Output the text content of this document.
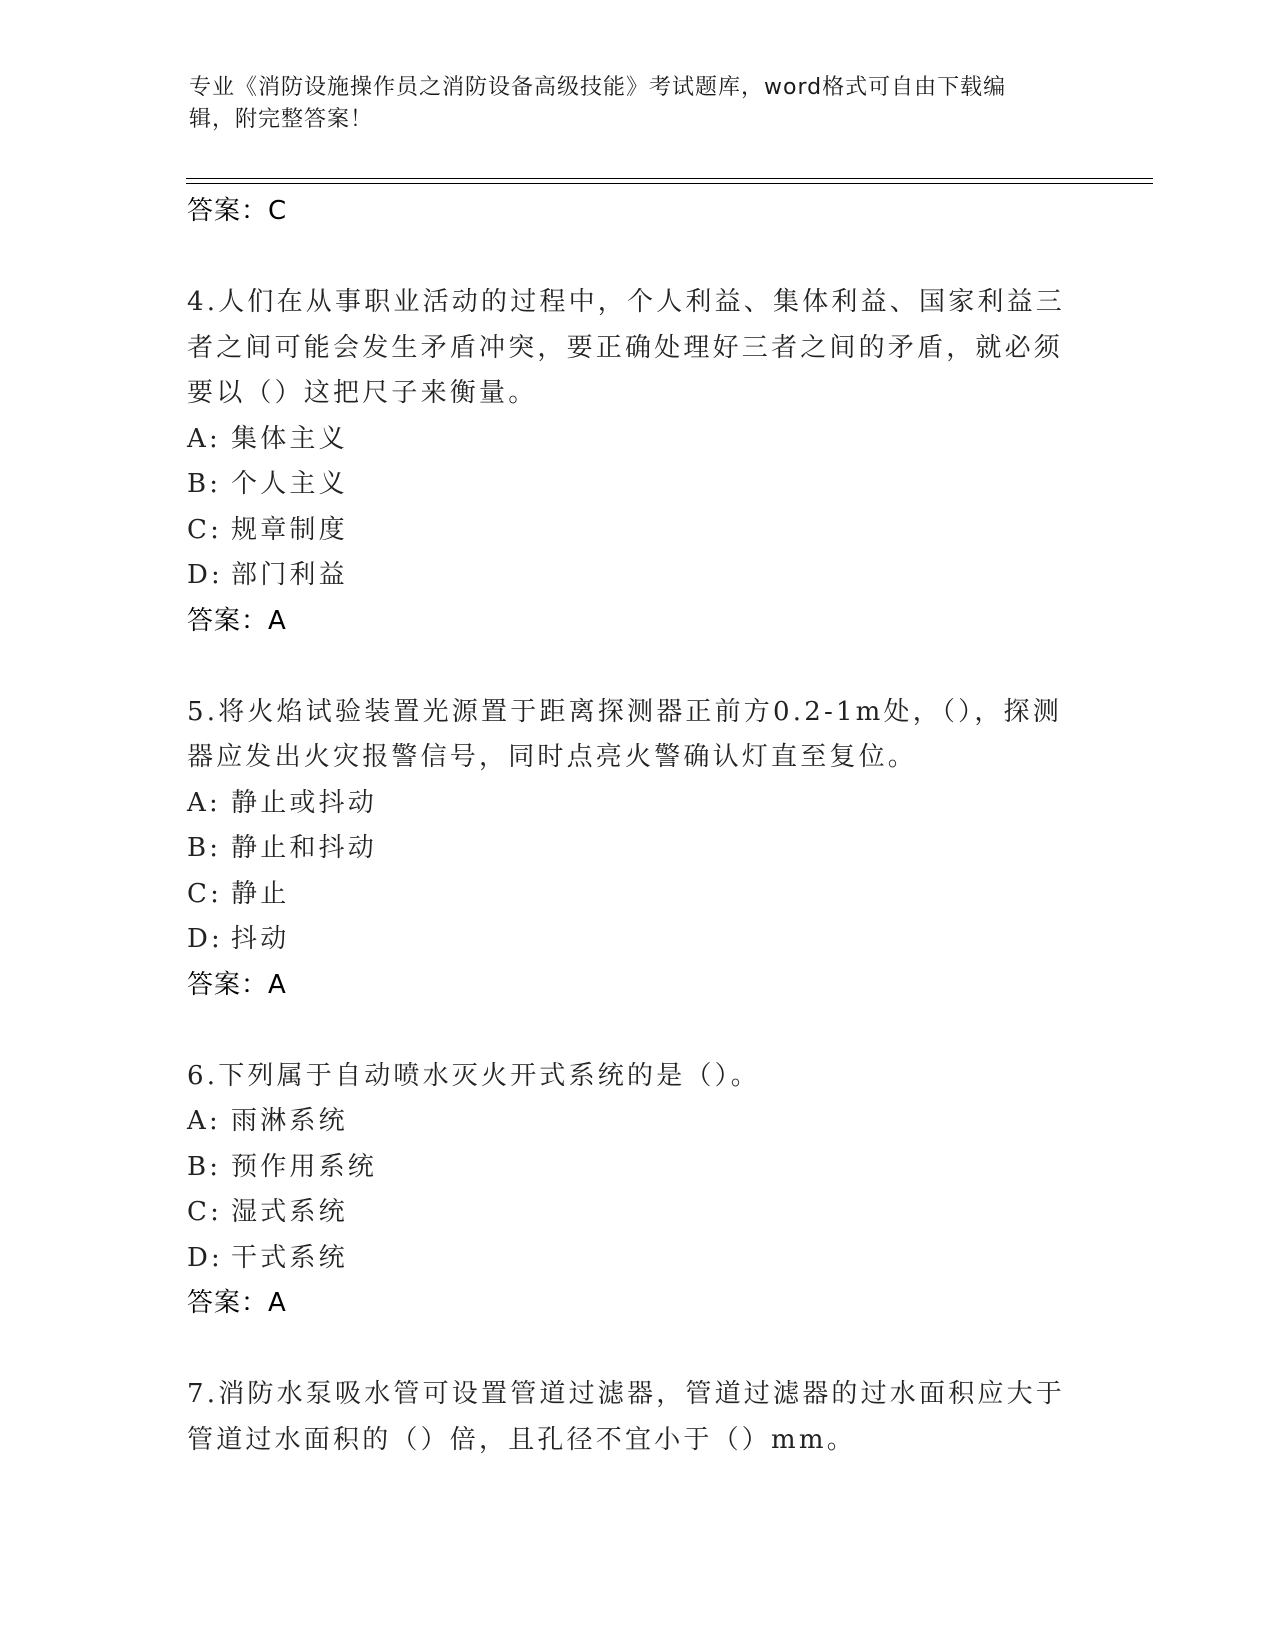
专业《消防设施操作员之消防设备高级技能》考试题库，word格式可自由下载编
辑，附完整答案！

答案：C

4.人们在从事职业活动的过程中，个人利益、集体利益、国家利益三

者之间可能会发生矛盾冲突，要正确处理好三者之间的矛盾，就必须

要以（）这把尺子来衡量。

A: 集体主义

B: 个人主义

C: 规章制度

D: 部门利益

答案：A

5.将火焰试验装置光源置于距离探测器正前方0.2-1m处，（），探测

器应发出火灾报警信号，同时点亮火警确认灯直至复位。

A: 静止或抖动

B: 静止和抖动

C: 静止

D: 抖动

答案：A

6.下列属于自动喷水灭火开式系统的是（）。

A: 雨淋系统

B: 预作用系统

C: 湿式系统

D: 干式系统

答案：A

7.消防水泵吸水管可设置管道过滤器，管道过滤器的过水面积应大于

管道过水面积的（）倍，且孔径不宜小于（）mm。
